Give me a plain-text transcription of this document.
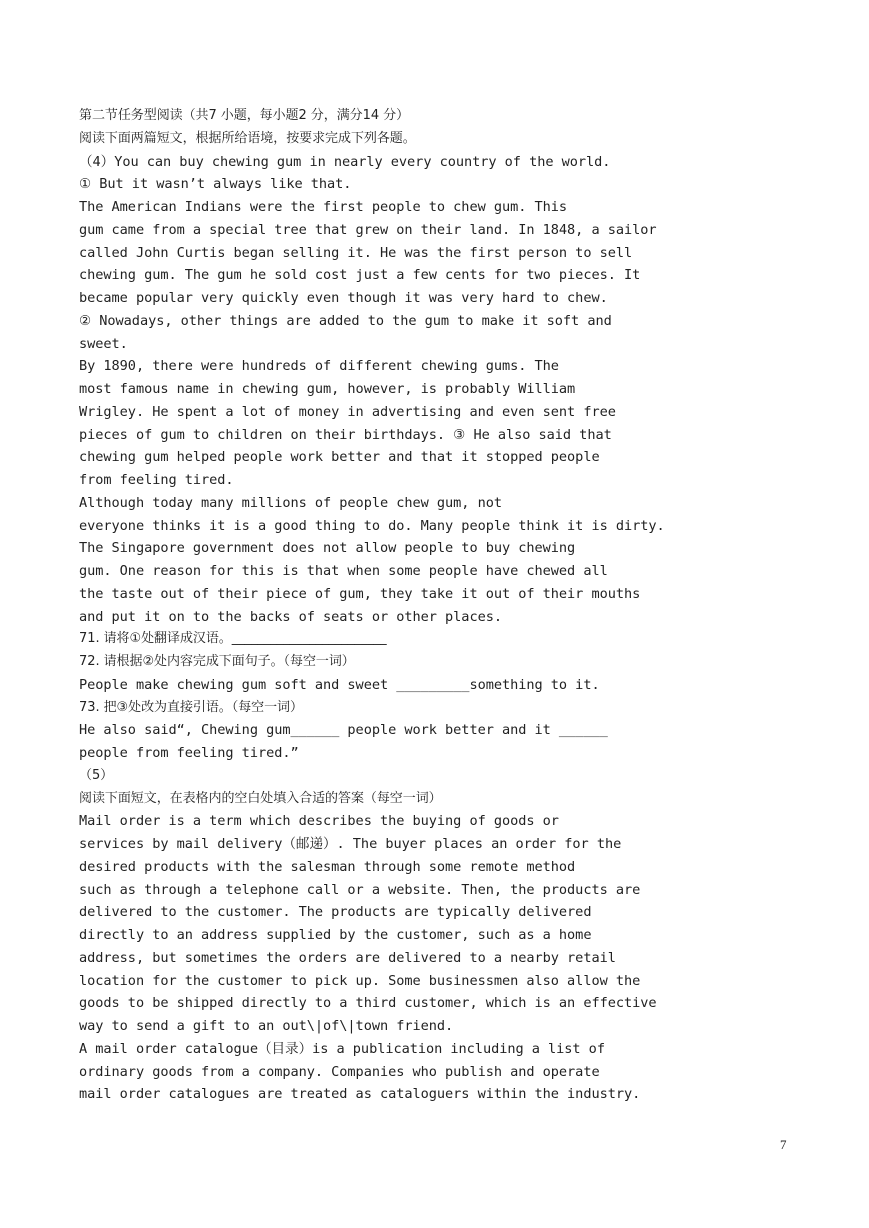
第二节任务型阅读（共7 小题，每小题2 分，满分14 分）
阅读下面两篇短文，根据所给语境，按要求完成下列各题。
（4）You can buy chewing gum in nearly every country of the world.
① But it wasn’t always like that.
The American Indians were the first people to chew gum. This
gum came from a special tree that grew on their land. In 1848, a sailor
called John Curtis began selling it. He was the first person to sell
chewing gum. The gum he sold cost just a few cents for two pieces. It
became popular very quickly even though it was very hard to chew.
② Nowadays, other things are added to the gum to make it soft and
sweet.
By 1890, there were hundreds of different chewing gums. The
most famous name in chewing gum, however, is probably William
Wrigley. He spent a lot of money in advertising and even sent free
pieces of gum to children on their birthdays. ③ He also said that
chewing gum helped people work better and that it stopped people
from feeling tired.
Although today many millions of people chew gum, not
everyone thinks it is a good thing to do. Many people think it is dirty.
The Singapore government does not allow people to buy chewing
gum. One reason for this is that when some people have chewed all
the taste out of their piece of gum, they take it out of their mouths
and put it on to the backs of seats or other places.
71. 请将①处翻译成汉语。________________________
72. 请根据②处内容完成下面句子。（每空一词）
People make chewing gum soft and sweet _________something to it.
73. 把③处改为直接引语。（每空一词）
He also said“, Chewing gum______ people work better and it ______
people from feeling tired.”
（5）
阅读下面短文，在表格内的空白处填入合适的答案（每空一词）
Mail order is a term which describes the buying of goods or
services by mail delivery（邮递）. The buyer places an order for the
desired products with the salesman through some remote method
such as through a telephone call or a website. Then, the products are
delivered to the customer. The products are typically delivered
directly to an address supplied by the customer, such as a home
address, but sometimes the orders are delivered to a nearby retail
location for the customer to pick up. Some businessmen also allow the
goods to be shipped directly to a third customer, which is an effective
way to send a gift to an out\|of\|town friend.
A mail order catalogue（目录）is a publication including a list of
ordinary goods from a company. Companies who publish and operate
mail order catalogues are treated as cataloguers within the industry.
7
